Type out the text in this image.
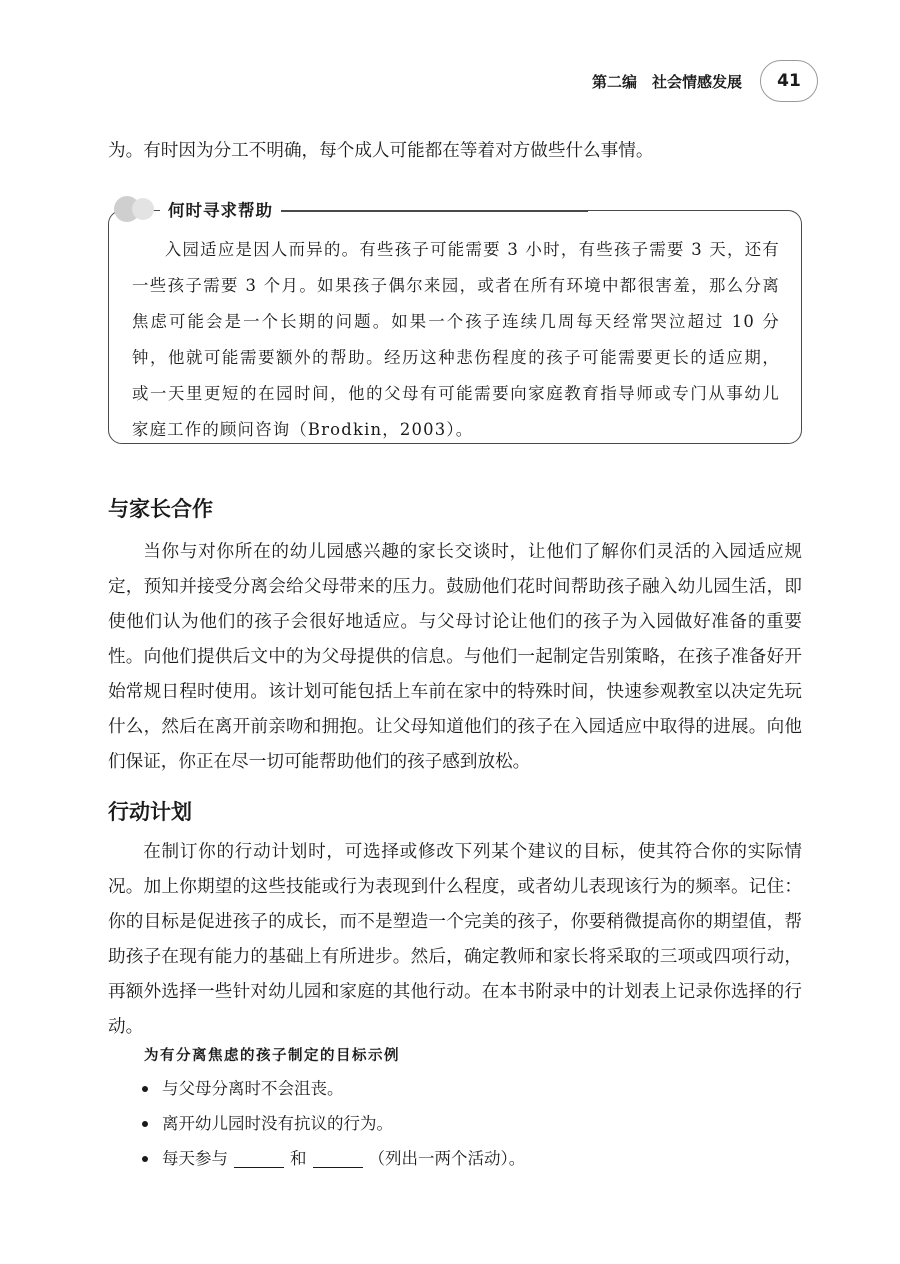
第二编　社会情感发展	41

为。有时因为分工不明确，每个成人可能都在等着对方做些什么事情。

何时寻求帮助

入园适应是因人而异的。有些孩子可能需要 3 小时，有些孩子需要 3 天，还有一些孩子需要 3 个月。如果孩子偶尔来园，或者在所有环境中都很害羞，那么分离焦虑可能会是一个长期的问题。如果一个孩子连续几周每天经常哭泣超过 10 分钟，他就可能需要额外的帮助。经历这种悲伤程度的孩子可能需要更长的适应期，或一天里更短的在园时间，他的父母有可能需要向家庭教育指导师或专门从事幼儿家庭工作的顾问咨询（Brodkin，2003）。

与家长合作

当你与对你所在的幼儿园感兴趣的家长交谈时，让他们了解你们灵活的入园适应规定，预知并接受分离会给父母带来的压力。鼓励他们花时间帮助孩子融入幼儿园生活，即使他们认为他们的孩子会很好地适应。与父母讨论让他们的孩子为入园做好准备的重要性。向他们提供后文中的为父母提供的信息。与他们一起制定告别策略，在孩子准备好开始常规日程时使用。该计划可能包括上车前在家中的特殊时间，快速参观教室以决定先玩什么，然后在离开前亲吻和拥抱。让父母知道他们的孩子在入园适应中取得的进展。向他们保证，你正在尽一切可能帮助他们的孩子感到放松。

行动计划

在制订你的行动计划时，可选择或修改下列某个建议的目标，使其符合你的实际情况。加上你期望的这些技能或行为表现到什么程度，或者幼儿表现该行为的频率。记住：你的目标是促进孩子的成长，而不是塑造一个完美的孩子，你要稍微提高你的期望值，帮助孩子在现有能力的基础上有所进步。然后，确定教师和家长将采取的三项或四项行动，再额外选择一些针对幼儿园和家庭的其他行动。在本书附录中的计划表上记录你选择的行动。

为有分离焦虑的孩子制定的目标示例

与父母分离时不会沮丧。
离开幼儿园时没有抗议的行为。
每天参与	和	（列出一两个活动）。
